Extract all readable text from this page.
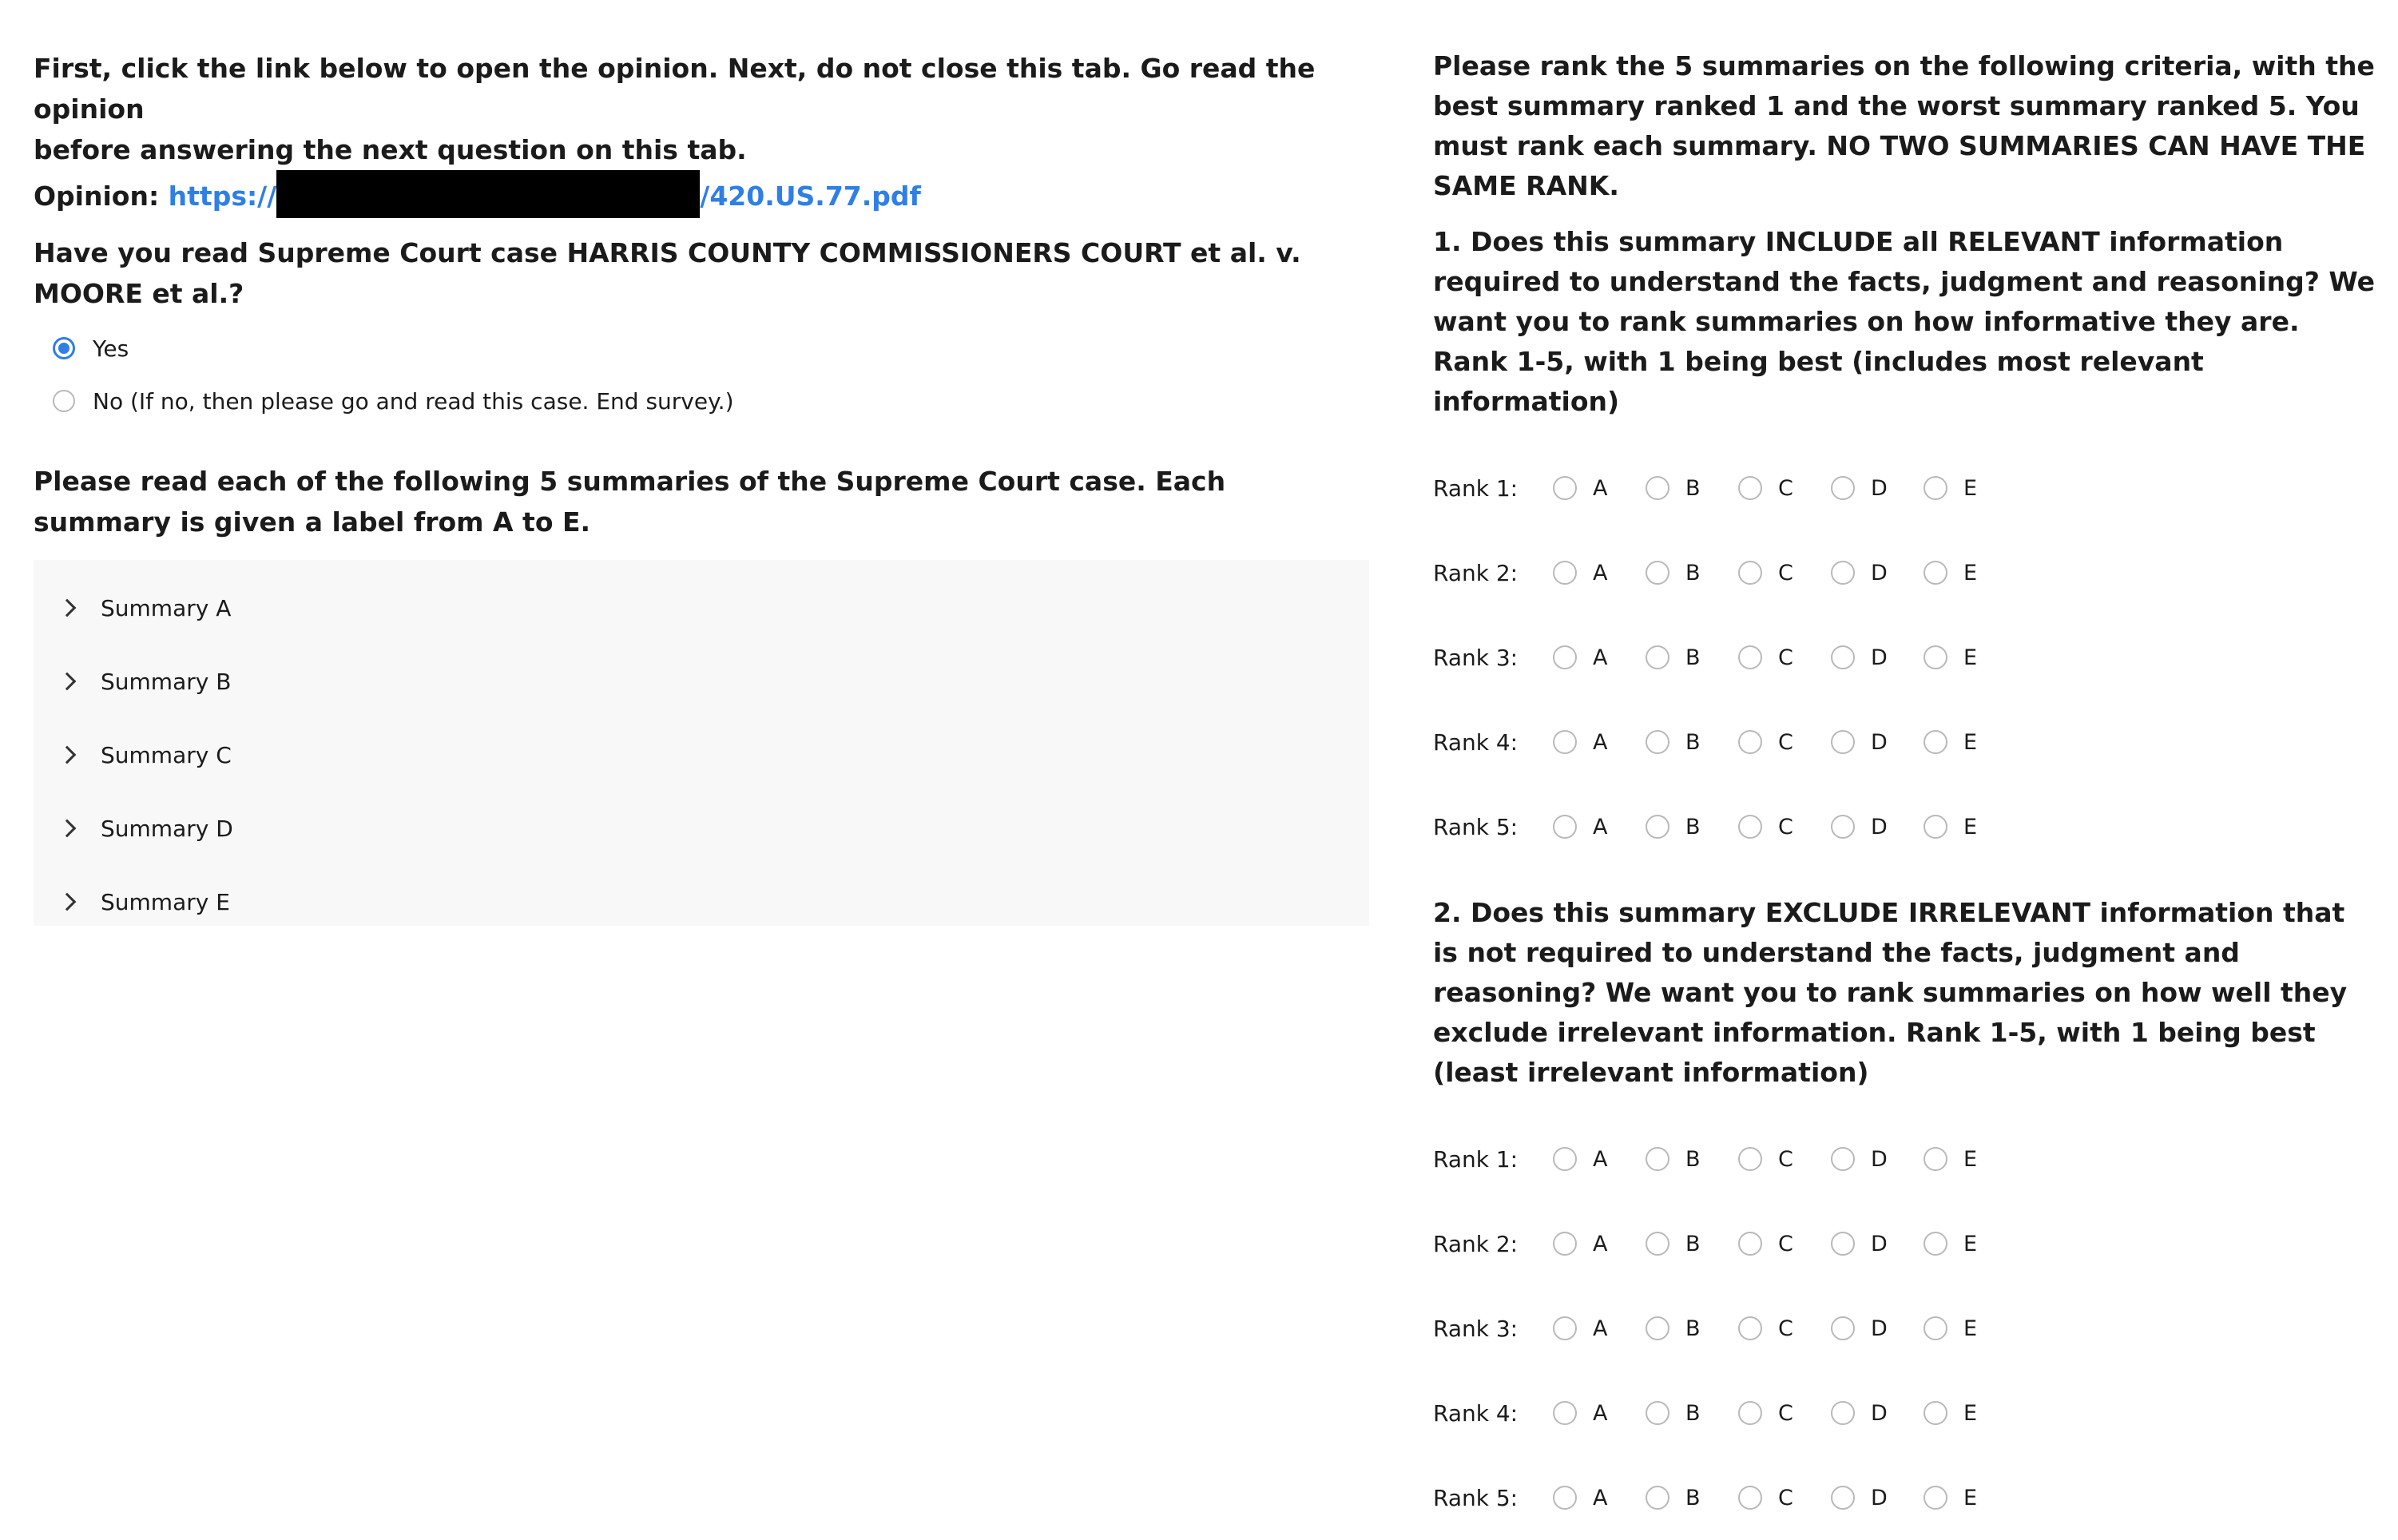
First, click the link below to open the opinion. Next, do not close this tab. Go read the opinion

before answering the next question on this tab.

Opinion: https://	/420.US.77.pdf

Have you read Supreme Court case HARRIS COUNTY COMMISSIONERS COURT et al. v. MOORE et al.?

Yes
No (If no, then please go and read this case. End survey.)

Please read each of the following 5 summaries of the Supreme Court case. Each summary is given a label from A to E.

Summary A
Summary B
Summary C
Summary D
Summary E
Please rank the 5 summaries on the following criteria, with the best summary ranked 1 and the worst summary ranked 5. You must rank each summary. NO TWO SUMMARIES CAN HAVE THE SAME RANK.
1. Does this summary INCLUDE all RELEVANT information required to understand the facts, judgment and reasoning? We want you to rank summaries on how informative they are. Rank 1-5, with 1 being best (includes most relevant information)
Rank 1:	A	B	C	D	E
Rank 2:	A	B	C	D	E
Rank 3:	A	B	C	D	E
Rank 4:	A	B	C	D	E
Rank 5:	A	B	C	D	E
2. Does this summary EXCLUDE IRRELEVANT information that is not required to understand the facts, judgment and reasoning? We want you to rank summaries on how well they exclude irrelevant information. Rank 1-5, with 1 being best (least irrelevant information)
Rank 1:	A	B	C	D	E
Rank 2:	A	B	C	D	E
Rank 3:	A	B	C	D	E
Rank 4:	A	B	C	D	E
Rank 5:	A	B	C	D	E
